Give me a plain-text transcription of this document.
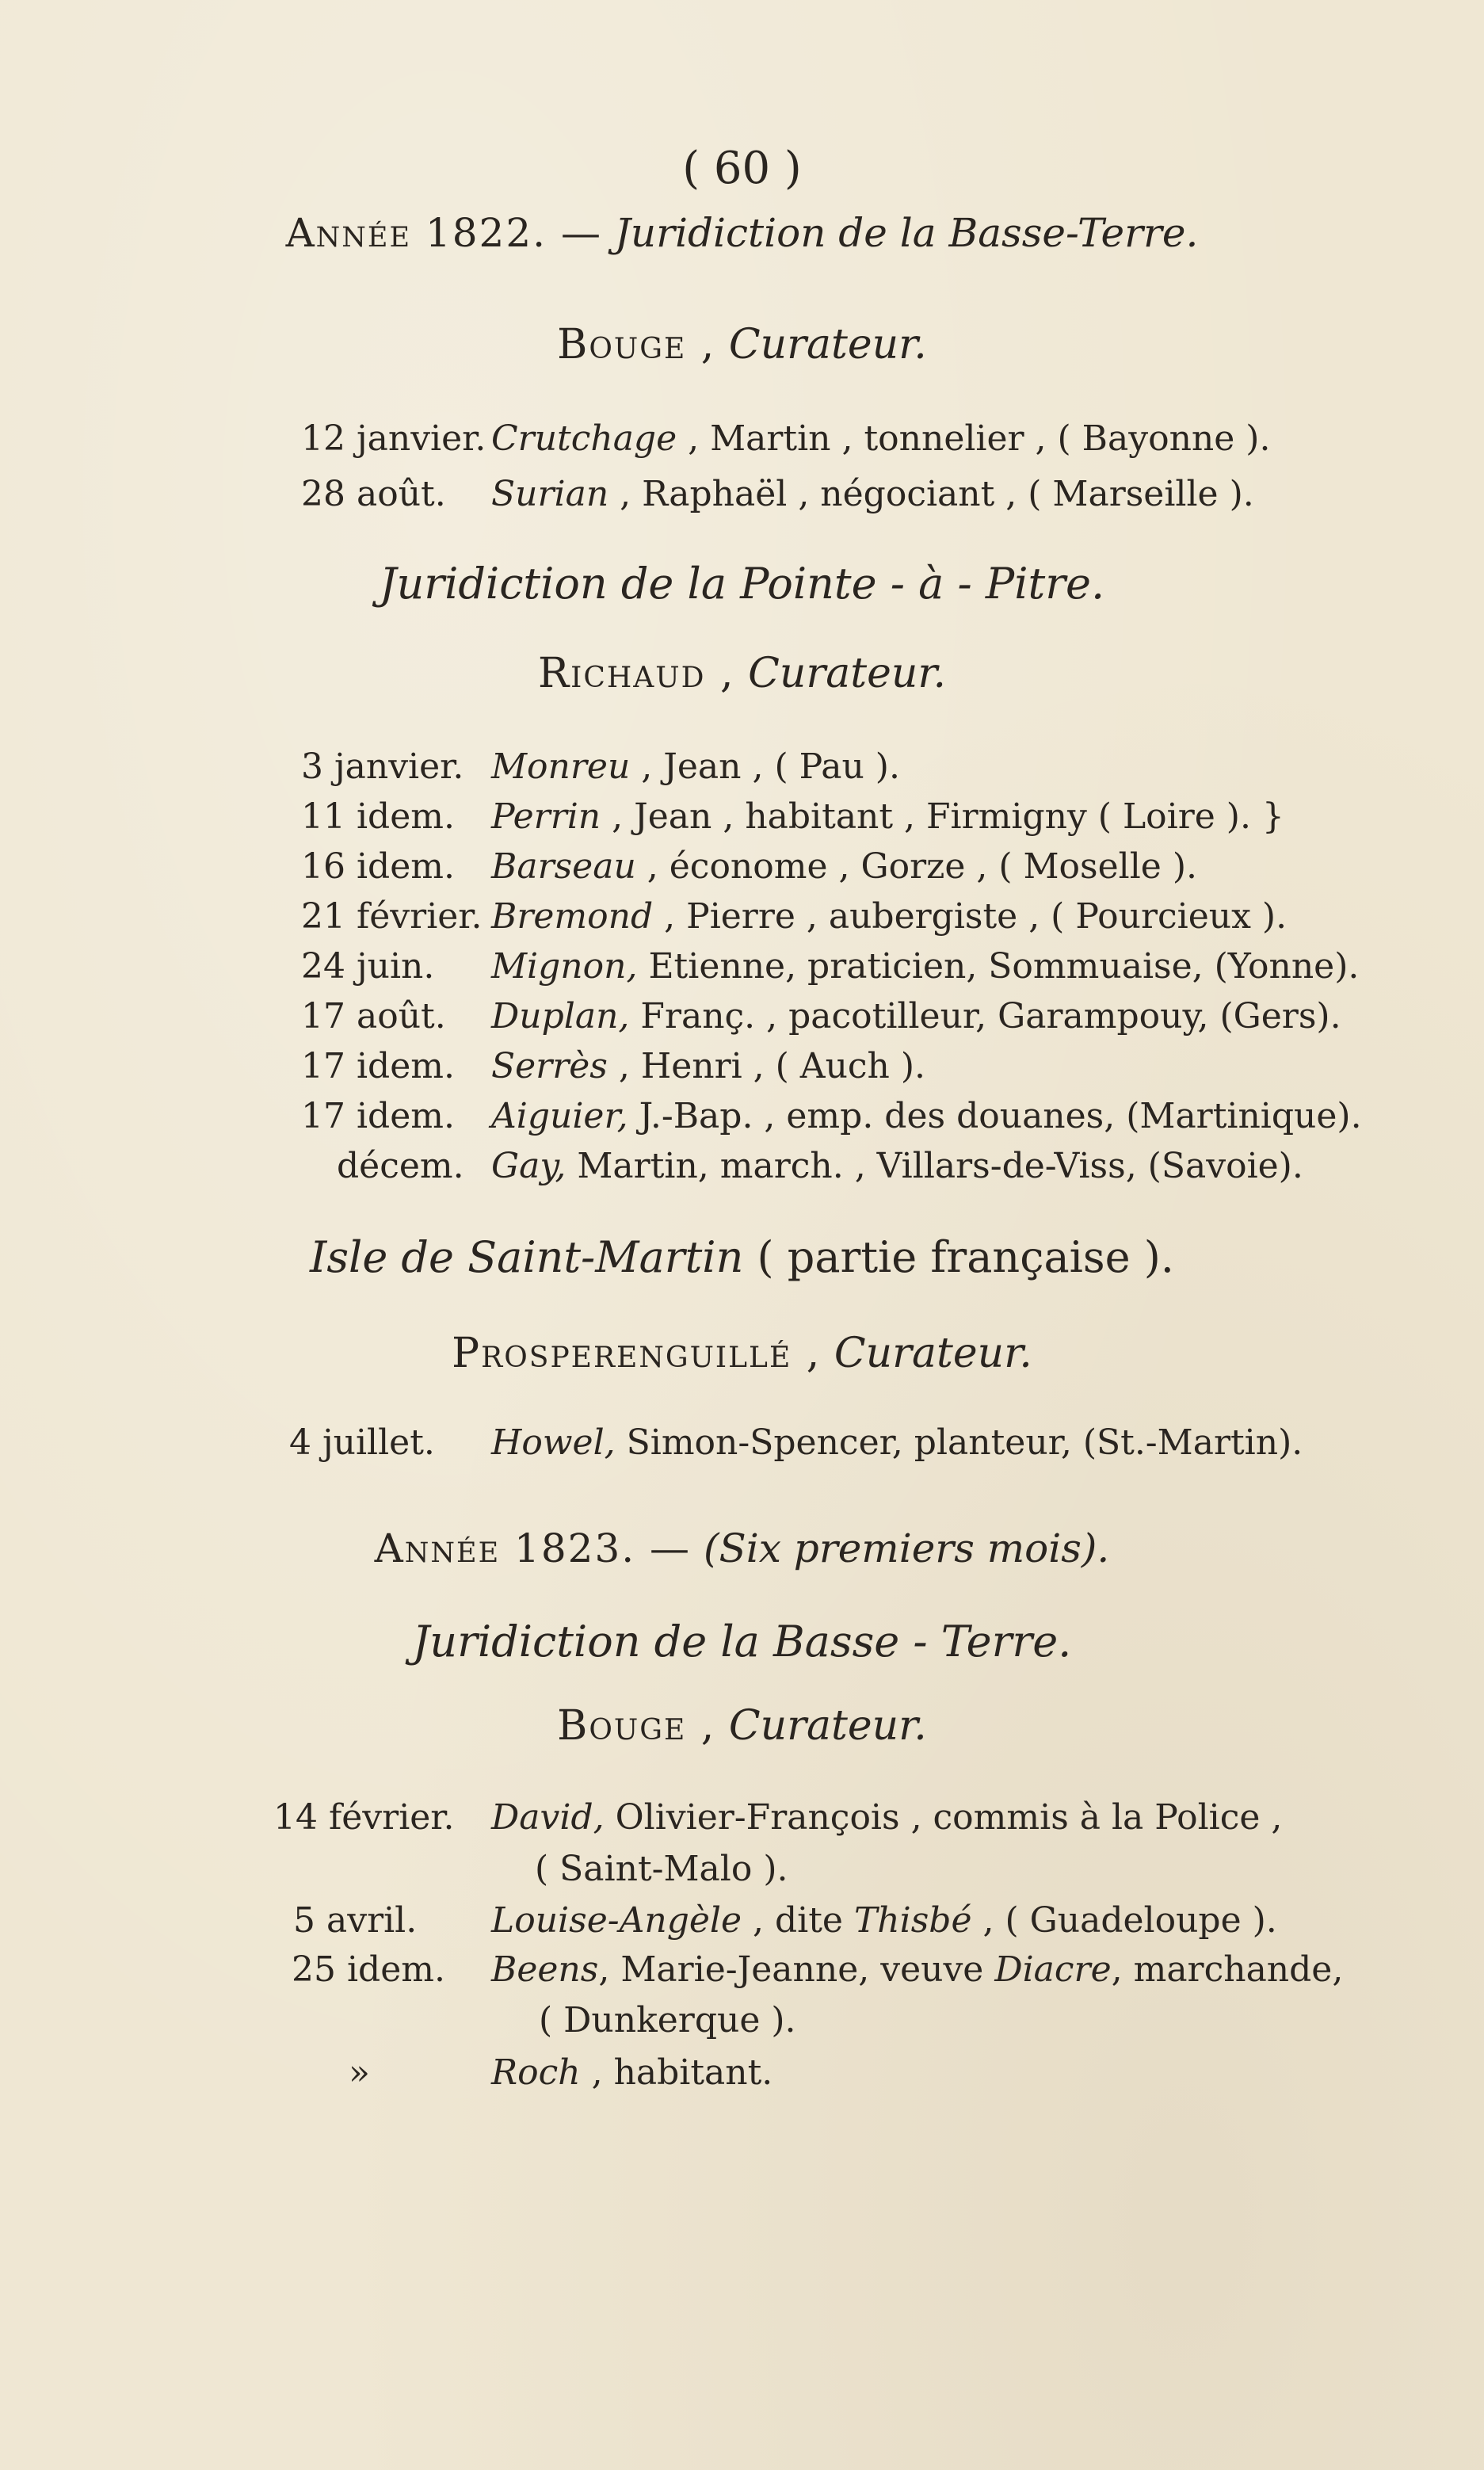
( 60 )
Année 1822. — Juridiction de la Basse-Terre.
Bouge , Curateur.
12 janvier. Crutchage , Martin , tonnelier , ( Bayonne ).
28 août. Surian , Raphaël , négociant , ( Marseille ).
Juridiction de la Pointe - à - Pitre.
Richaud , Curateur.
3 janvier. Monreu , Jean , ( Pau ).
11 idem. Perrin , Jean , habitant , Firmigny ( Loire ). }
16 idem. Barseau , économe , Gorze , ( Moselle ).
21 février. Bremond , Pierre , aubergiste , ( Pourcieux ).
24 juin. Mignon, Etienne, praticien, Sommuaise, (Yonne).
17 août. Duplan, Franç. , pacotilleur, Garampouy, (Gers).
17 idem. Serrès , Henri , ( Auch ).
17 idem. Aiguier, J.-Bap. , emp. des douanes, (Martinique).
décem. Gay, Martin, march. , Villars-de-Viss, (Savoie).
Isle de Saint-Martin ( partie française ).
Prosperenguillé , Curateur.
4 juillet. Howel, Simon-Spencer, planteur, (St.-Martin).
Année 1823. — (Six premiers mois).
Juridiction de la Basse - Terre.
Bouge , Curateur.
14 février. David, Olivier-François , commis à la Police ,
( Saint-Malo ).
5 avril. Louise-Angèle , dite Thisbé , ( Guadeloupe ).
25 idem. Beens, Marie-Jeanne, veuve Diacre, marchande,
( Dunkerque ).
»	Roch , habitant.
